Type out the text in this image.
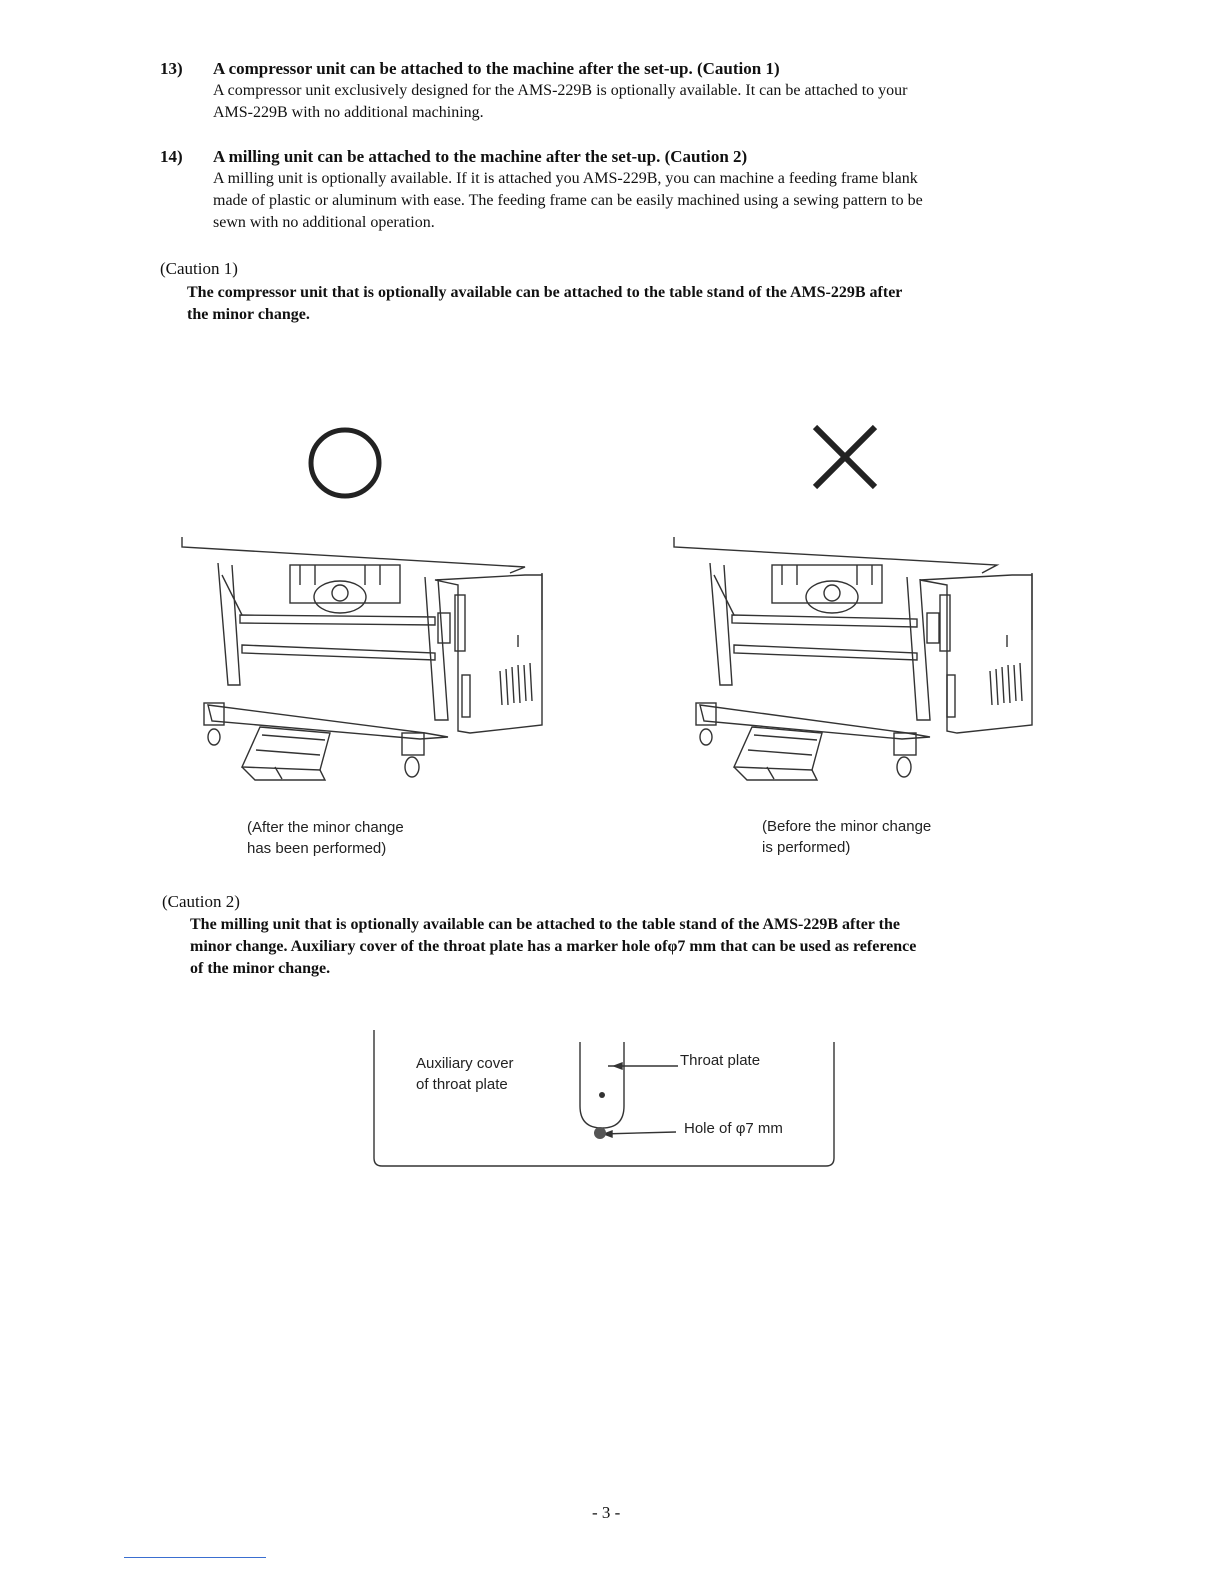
13) A compressor unit can be attached to the machine after the set-up. (Caution 1)
A compressor unit exclusively designed for the AMS-229B is optionally available. It can be attached to your
AMS-229B with no additional machining.
14) A milling unit can be attached to the machine after the set-up. (Caution 2)
A milling unit is optionally available. If it is attached you AMS-229B, you can machine a feeding frame blank
made of plastic or aluminum with ease. The feeding frame can be easily machined using a sewing pattern to be
sewn with no additional operation.
(Caution 1)
The compressor unit that is optionally available can be attached to the table stand of the AMS-229B after
the minor change.
(After the minor change
has been performed)
(Before the minor change
is performed)
(Caution 2)
The milling unit that is optionally available can be attached to the table stand of the AMS-229B after the
minor change. Auxiliary cover of the throat plate has a marker hole ofφ7 mm that can be used as reference
of the minor change.
Auxiliary cover
of throat plate
Throat plate
Hole of φ7 mm
- 3 -
